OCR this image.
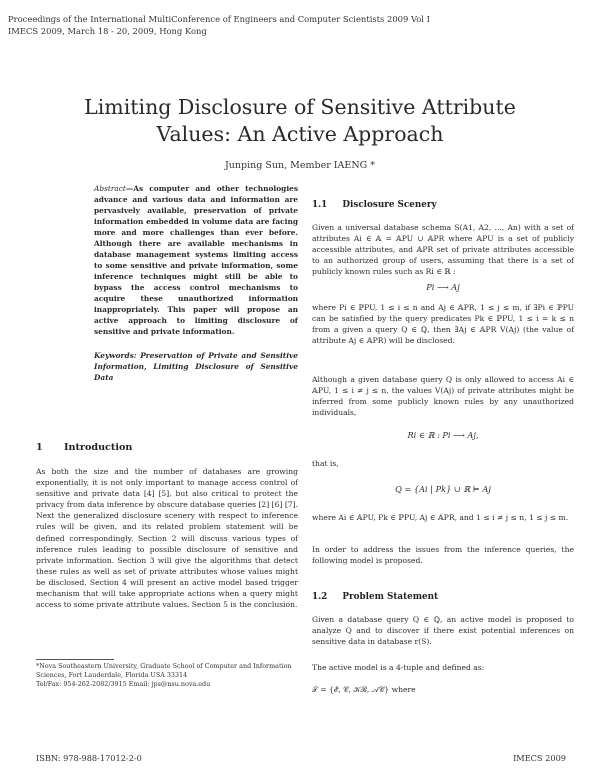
Proceedings of the International MultiConference of Engineers and Computer Scientists 2009 Vol I
IMECS 2009, March 18 - 20, 2009, Hong Kong
Limiting Disclosure of Sensitive Attribute
Values: An Active Approach
Junping Sun, Member IAENG *
Abstract—As computer and other technologies advance and various data and information are pervasively available, preservation of private information embedded in volume data are facing more and more challenges than ever before. Although there are available mechanisms in database management systems limiting access to some sensitive and private information, some inference techniques might still be able to bypass the access control mechanisms to acquire these unauthorized information inappropriately. This paper will propose an active approach to limiting disclosure of sensitive and private information.
Keywords: Preservation of Private and Sensitive Information, Limiting Disclosure of Sensitive Data
1 Introduction
As both the size and the number of databases are growing exponentially, it is not only important to manage access control of sensitive and private data [4] [5], but also critical to protect the privacy from data inference by obscure database queries [2] [6] [7]. Next the generalized disclosure scenery with respect to inference rules will be given, and its related problem statement will be defined correspondingly. Section 2 will discuss various types of inference rules leading to possible disclosure of sensitive and private information. Section 3 will give the algorithms that detect these rules as well as set of private attributes whose values might be disclosed. Section 4 will present an active model based trigger mechanism that will take appropriate actions when a query might access to some private attribute values. Section 5 is the conclusion.
*Nova Southeastern University, Graduate School of Computer and Information Sciences, Fort Lauderdale, Florida USA 33314
Tel/Fax: 954-262-2082/3915 Email: jps@nsu.nova.edu
1.1 Disclosure Scenery
Given a universal database schema S(A1, A2, ..., An) with a set of attributes Ai ∈ 𝔸 = 𝔸PU ∪ 𝔸PR where 𝔸PU is a set of publicly accessible attributes, and 𝔸PR set of private attributes accessible to an authorized group of users, assuming that there is a set of publicly known rules such as Ri ∈ ℝ :
Pi ⟶ Aj
where Pi ∈ ℙPU, 1 ≤ i ≤ n and Aj ∈ 𝔸PR, 1 ≤ j ≤ m, if ∃Pi ∈ ℙPU can be satisfied by the query predicates Pk ∈ ℙPU, 1 ≤ i = k ≤ n from a given a query Q ∈ ℚ, then ∃Aj ∈ 𝔸PR V(Aj) (the value of attribute Aj ∈ 𝔸PR) will be disclosed.
Although a given database query Q is only allowed to access Ai ∈ 𝔸PU, 1 ≤ i ≠ j ≤ n, the values V(Aj) of private attributes might be inferred from some publicly known rules by any unauthorized individuals,
Ri ∈ ℝ : Pi ⟶ Aj,
that is,
Q = {Ai | Pk} ∪ ℝ ⊨ Aj
where Ai ∈ 𝔸PU, Pk ∈ ℙPU, Aj ∈ 𝔸PR, and 1 ≤ i ≠ j ≤ n, 1 ≤ j ≤ m.
In order to address the issues from the inference queries, the following model is proposed.
1.2 Problem Statement
Given a database query Q ∈ ℚ, an active model is proposed to analyze Q and to discover if there exist potential inferences on sensitive data in database r(S).
The active model is a 4-tuple and defined as:
𝒯 = {ℰ, 𝒞, 𝒦ℬ, 𝒜𝒞} where
ISBN: 978-988-17012-2-0	IMECS 2009
